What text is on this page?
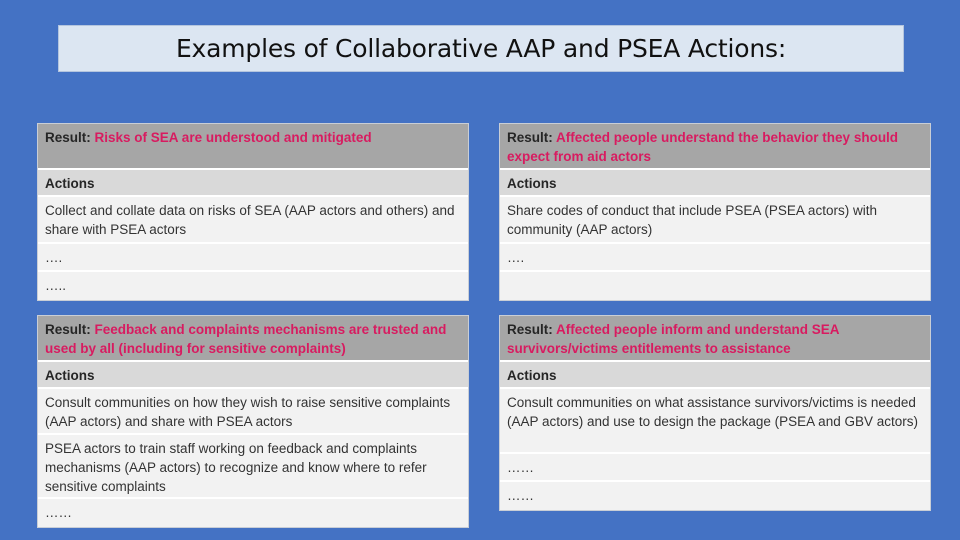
Examples of Collaborative AAP and PSEA Actions:
Result: Risks of SEA are understood and mitigated
Actions
Collect and collate data on risks of SEA (AAP actors and others) and share with PSEA actors
….
…..
Result: Affected people understand the behavior they should expect from aid actors
Actions
Share codes of conduct that include PSEA (PSEA actors) with community (AAP actors)
….
Result: Feedback and complaints mechanisms are trusted and used by all (including for sensitive complaints)
Actions
Consult communities on how they wish to raise sensitive complaints (AAP actors) and share with PSEA actors
PSEA actors to train staff working on feedback and complaints mechanisms (AAP actors) to recognize and know where to refer sensitive complaints
……
Result: Affected people inform and understand SEA survivors/victims entitlements to assistance
Actions
Consult communities on what assistance survivors/victims is needed (AAP actors) and use to design the package (PSEA and GBV actors)
……
……
